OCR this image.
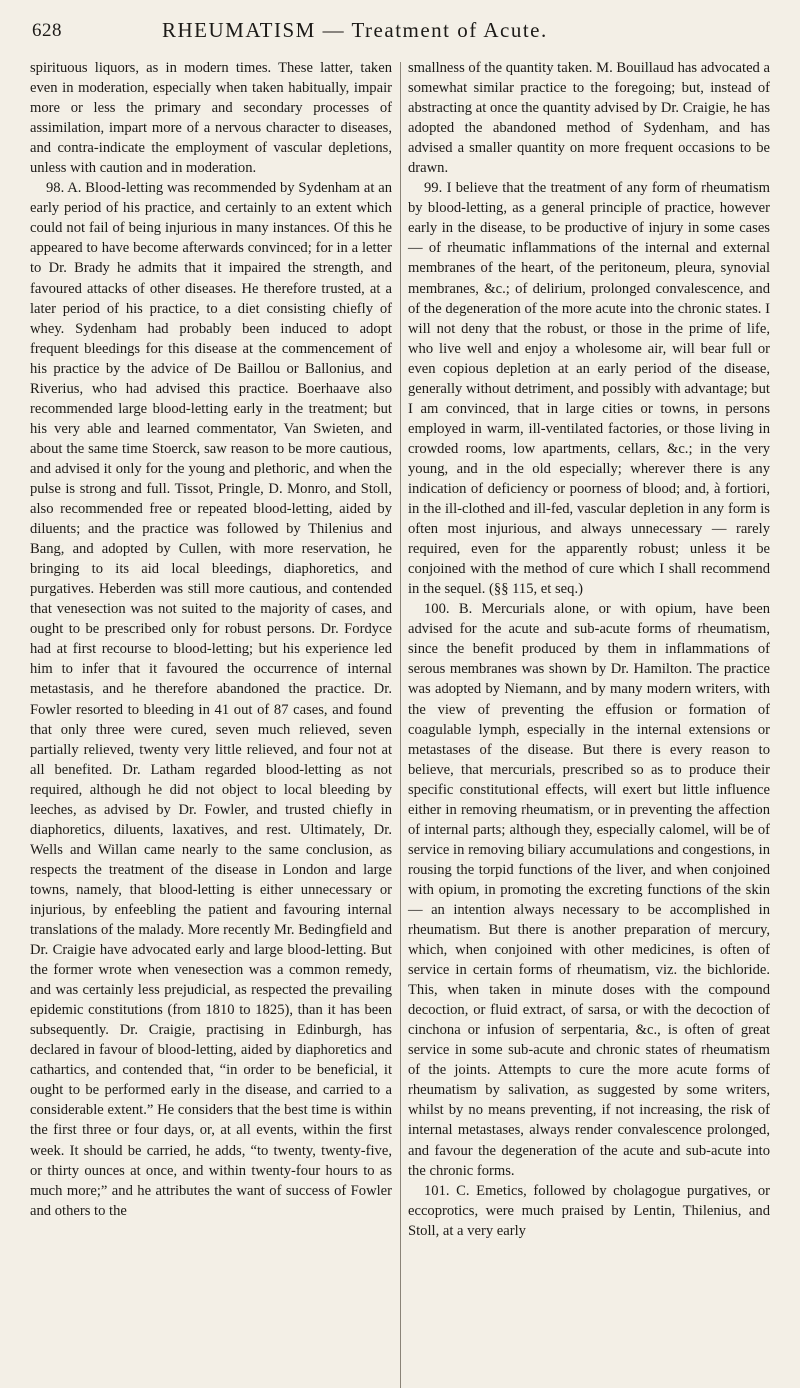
628	RHEUMATISM — Treatment of Acute.

spirituous liquors, as in modern times. These latter, taken even in moderation, especially when taken habitually, impair more or less the primary and secondary processes of assimilation, impart more of a nervous character to diseases, and contra-indicate the employment of vascular depletions, unless with caution and in moderation.

98. A. Blood-letting was recommended by Sydenham at an early period of his practice, and certainly to an extent which could not fail of being injurious in many instances. Of this he appeared to have become afterwards convinced; for in a letter to Dr. Brady he admits that it impaired the strength, and favoured attacks of other diseases. He therefore trusted, at a later period of his practice, to a diet consisting chiefly of whey. Sydenham had probably been induced to adopt frequent bleedings for this disease at the commencement of his practice by the advice of De Baillou or Ballonius, and Riverius, who had advised this practice. Boerhaave also recommended large blood-letting early in the treatment; but his very able and learned commentator, Van Swieten, and about the same time Stoerck, saw reason to be more cautious, and advised it only for the young and plethoric, and when the pulse is strong and full. Tissot, Pringle, D. Monro, and Stoll, also recommended free or repeated blood-letting, aided by diluents; and the practice was followed by Thilenius and Bang, and adopted by Cullen, with more reservation, he bringing to its aid local bleedings, diaphoretics, and purgatives. Heberden was still more cautious, and contended that venesection was not suited to the majority of cases, and ought to be prescribed only for robust persons. Dr. Fordyce had at first recourse to blood-letting; but his experience led him to infer that it favoured the occurrence of internal metastasis, and he therefore abandoned the practice. Dr. Fowler resorted to bleeding in 41 out of 87 cases, and found that only three were cured, seven much relieved, seven partially relieved, twenty very little relieved, and four not at all benefited. Dr. Latham regarded blood-letting as not required, although he did not object to local bleeding by leeches, as advised by Dr. Fowler, and trusted chiefly in diaphoretics, diluents, laxatives, and rest. Ultimately, Dr. Wells and Willan came nearly to the same conclusion, as respects the treatment of the disease in London and large towns, namely, that blood-letting is either unnecessary or injurious, by enfeebling the patient and favouring internal translations of the malady. More recently Mr. Bedingfield and Dr. Craigie have advocated early and large blood-letting. But the former wrote when venesection was a common remedy, and was certainly less prejudicial, as respected the prevailing epidemic constitutions (from 1810 to 1825), than it has been subsequently. Dr. Craigie, practising in Edinburgh, has declared in favour of blood-letting, aided by diaphoretics and cathartics, and contended that, “in order to be beneficial, it ought to be performed early in the disease, and carried to a considerable extent.” He considers that the best time is within the first three or four days, or, at all events, within the first week. It should be carried, he adds, “to twenty, twenty-five, or thirty ounces at once, and within twenty-four hours to as much more;” and he attributes the want of success of Fowler and others to the

smallness of the quantity taken. M. Bouillaud has advocated a somewhat similar practice to the foregoing; but, instead of abstracting at once the quantity advised by Dr. Craigie, he has adopted the abandoned method of Sydenham, and has advised a smaller quantity on more frequent occasions to be drawn.

99. I believe that the treatment of any form of rheumatism by blood-letting, as a general principle of practice, however early in the disease, to be productive of injury in some cases — of rheumatic inflammations of the internal and external membranes of the heart, of the peritoneum, pleura, synovial membranes, &c.; of delirium, prolonged convalescence, and of the degeneration of the more acute into the chronic states. I will not deny that the robust, or those in the prime of life, who live well and enjoy a wholesome air, will bear full or even copious depletion at an early period of the disease, generally without detriment, and possibly with advantage; but I am convinced, that in large cities or towns, in persons employed in warm, ill-ventilated factories, or those living in crowded rooms, low apartments, cellars, &c.; in the very young, and in the old especially; wherever there is any indication of deficiency or poorness of blood; and, à fortiori, in the ill-clothed and ill-fed, vascular depletion in any form is often most injurious, and always unnecessary — rarely required, even for the apparently robust; unless it be conjoined with the method of cure which I shall recommend in the sequel. (§§ 115, et seq.)

100. B. Mercurials alone, or with opium, have been advised for the acute and sub-acute forms of rheumatism, since the benefit produced by them in inflammations of serous membranes was shown by Dr. Hamilton. The practice was adopted by Niemann, and by many modern writers, with the view of preventing the effusion or formation of coagulable lymph, especially in the internal extensions or metastases of the disease. But there is every reason to believe, that mercurials, prescribed so as to produce their specific constitutional effects, will exert but little influence either in removing rheumatism, or in preventing the affection of internal parts; although they, especially calomel, will be of service in removing biliary accumulations and congestions, in rousing the torpid functions of the liver, and when conjoined with opium, in promoting the excreting functions of the skin — an intention always necessary to be accomplished in rheumatism. But there is another preparation of mercury, which, when conjoined with other medicines, is often of service in certain forms of rheumatism, viz. the bichloride. This, when taken in minute doses with the compound decoction, or fluid extract, of sarsa, or with the decoction of cinchona or infusion of serpentaria, &c., is often of great service in some sub-acute and chronic states of rheumatism of the joints. Attempts to cure the more acute forms of rheumatism by salivation, as suggested by some writers, whilst by no means preventing, if not increasing, the risk of internal metastases, always render convalescence prolonged, and favour the degeneration of the acute and sub-acute into the chronic forms.

101. C. Emetics, followed by cholagogue purgatives, or eccoprotics, were much praised by Lentin, Thilenius, and Stoll, at a very early
